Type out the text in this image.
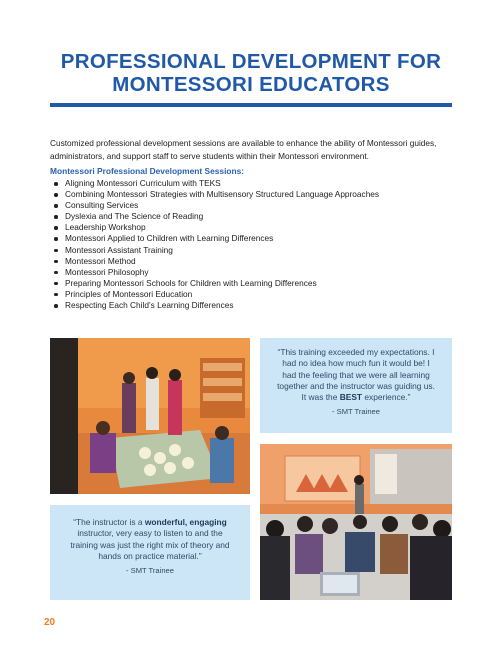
PROFESSIONAL DEVELOPMENT FOR
MONTESSORI EDUCATORS

Customized professional development sessions are available to enhance the ability of Montessori guides, administrators, and support staff to serve students within their Montessori environment.

Montessori Professional Development Sessions:
Aligning Montessori Curriculum with TEKS
Combining Montessori Strategies with Multisensory Structured Language Approaches
Consulting Services
Dyslexia and The Science of Reading
Leadership Workshop
Montessori Applied to Children with Learning Differences
Montessori Assistant Training
Montessori Method
Montessori Philosophy
Preparing Montessori Schools for Children with Learning Differences
Principles of Montessori Education
Respecting Each Child’s Learning Differences
“This training exceeded my expectations. I had no idea how much fun it would be! I had the feeling that we were all learning together and the instructor was guiding us. It was the BEST experience.”
- SMT Trainee
“The instructor is a wonderful, engaging instructor, very easy to listen to and the training was just the right mix of theory and hands on practice material.”
- SMT Trainee
20
